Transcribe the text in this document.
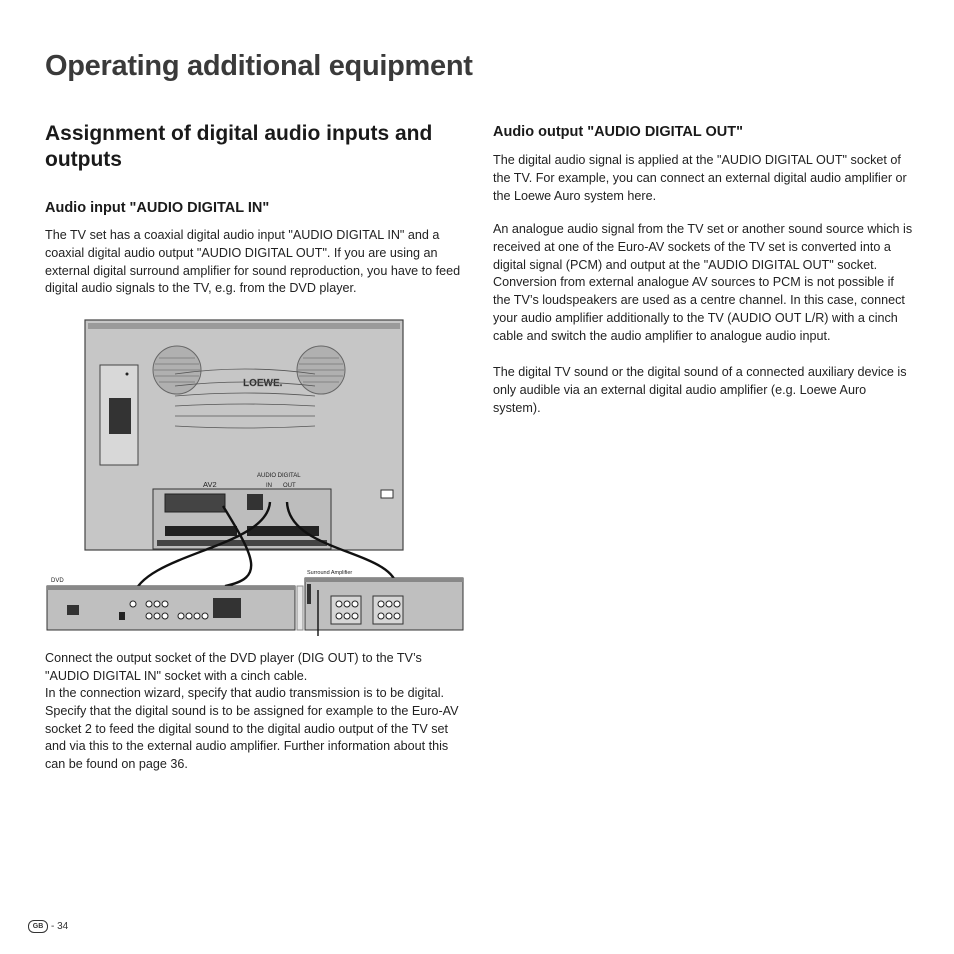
Operating additional equipment
Assignment of digital audio inputs and outputs
Audio input "AUDIO DIGITAL IN"

The TV set has a coaxial digital audio input "AUDIO DIGITAL IN" and a coaxial digital audio output "AUDIO DIGITAL OUT". If you are using an external digital surround amplifier for sound reproduction, you have to feed digital audio signals to the TV, e.g. from the DVD player.

LOEWE.
AV2
AUDIO DIGITAL
IN OUT
DVD
Surround Amplifier

Connect the output socket of the DVD player (DIG OUT) to the TV’s "AUDIO DIGITAL IN" socket with a cinch cable.

In the connection wizard, specify that audio transmission is to be digital. Specify that the digital sound is to be assigned for example to the Euro-AV socket 2 to feed the digital sound to the digital audio output of the TV set and via this to the external audio amplifier. Further information about this can be found on page 36.

Audio output "AUDIO DIGITAL OUT"

The digital audio signal is applied at the "AUDIO DIGITAL OUT" socket of the TV. For example, you can connect an external digital audio amplifier or the Loewe Auro system here.

An analogue audio signal from the TV set or another sound source which is received at one of the Euro-AV sockets of the TV set is converted into a digital signal (PCM) and output at the "AUDIO DIGITAL OUT" socket. Conversion from external analogue AV sources to PCM is not possible if the TV’s loudspeakers are used as a centre channel. In this case, connect your audio amplifier additionally to the TV (AUDIO OUT L/R) with a cinch cable and switch the audio amplifier to analogue audio input.

The digital TV sound or the digital sound of a connected auxiliary device is only audible via an external digital audio amplifier (e.g. Loewe Auro system).

GB - 34
